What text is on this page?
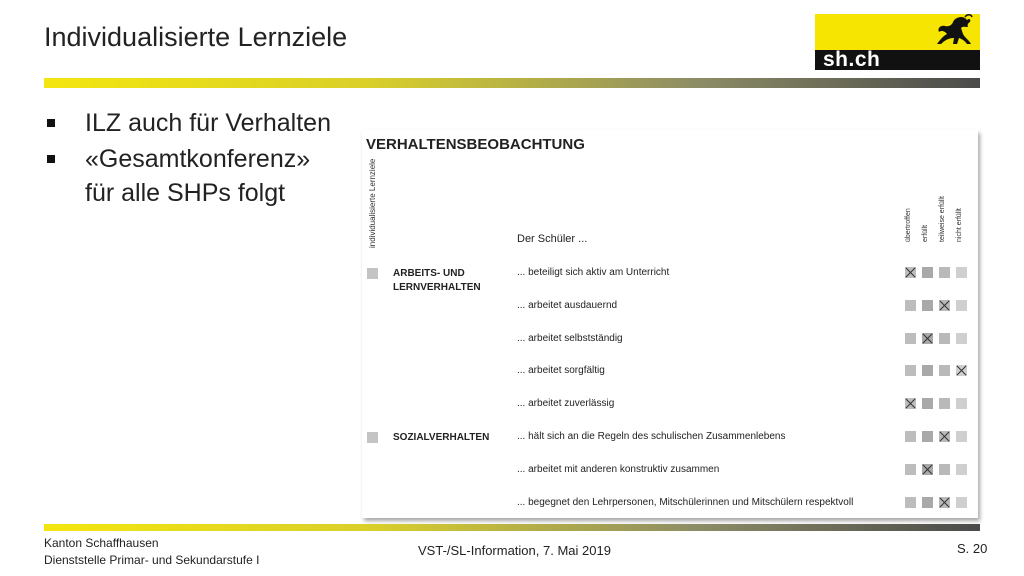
Individualisierte Lernziele
sh.ch
ILZ auch für Verhalten
«Gesamtkonferenz» für alle SHPs folgt
VERHALTENSBEOBACHTUNG
individualisierte Lernziele	übertroffen erfüllt teilweise erfüllt nicht erfüllt
Der Schüler ...
ARBEITS- UND
LERNVERHALTEN
SOZIALVERHALTEN
... beteiligt sich aktiv am Unterricht
... arbeitet ausdauernd
... arbeitet selbstständig
... arbeitet sorgfältig
... arbeitet zuverlässig
... hält sich an die Regeln des schulischen Zusammenlebens
... arbeitet mit anderen konstruktiv zusammen
... begegnet den Lehrpersonen, Mitschülerinnen und Mitschülern respektvoll
Kanton Schaffhausen
Dienststelle Primar- und Sekundarstufe I
VST-/SL-Information, 7. Mai 2019	S. 20
